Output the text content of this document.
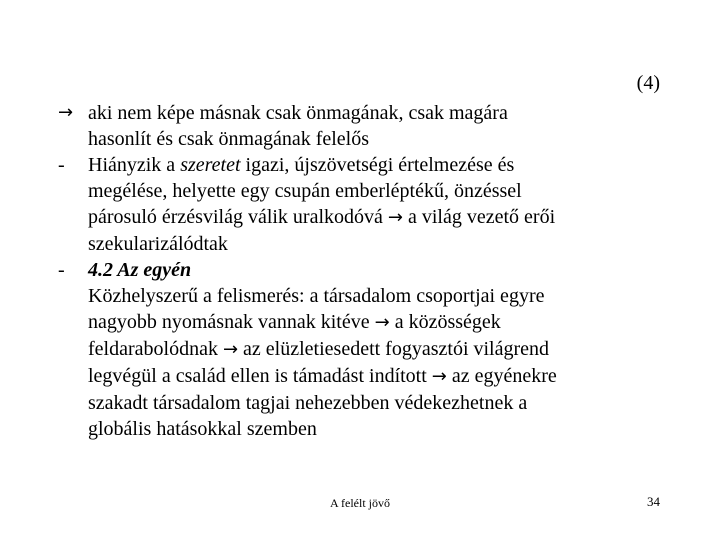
(4)
→ aki nem képe másnak csak önmagának, csak magára
hasonlít és csak önmagának felelős
-	Hiányzik a szeretet igazi, újszövetségi értelmezése és
megélése, helyette egy csupán emberléptékű, önzéssel
párosuló érzésvilág válik uralkodóvá → a világ vezető erői
szekularizálódtak
-	4.2 Az egyén
Közhelyszerű a felismerés: a társadalom csoportjai egyre
nagyobb nyomásnak vannak kitéve → a közösségek
feldarabolódnak → az elüzletiesedett fogyasztói világrend
legvégül a család ellen is támadást indított → az egyénekre
szakadt társadalom tagjai nehezebben védekezhetnek a
globális hatásokkal szemben
A felélt jövő	34
